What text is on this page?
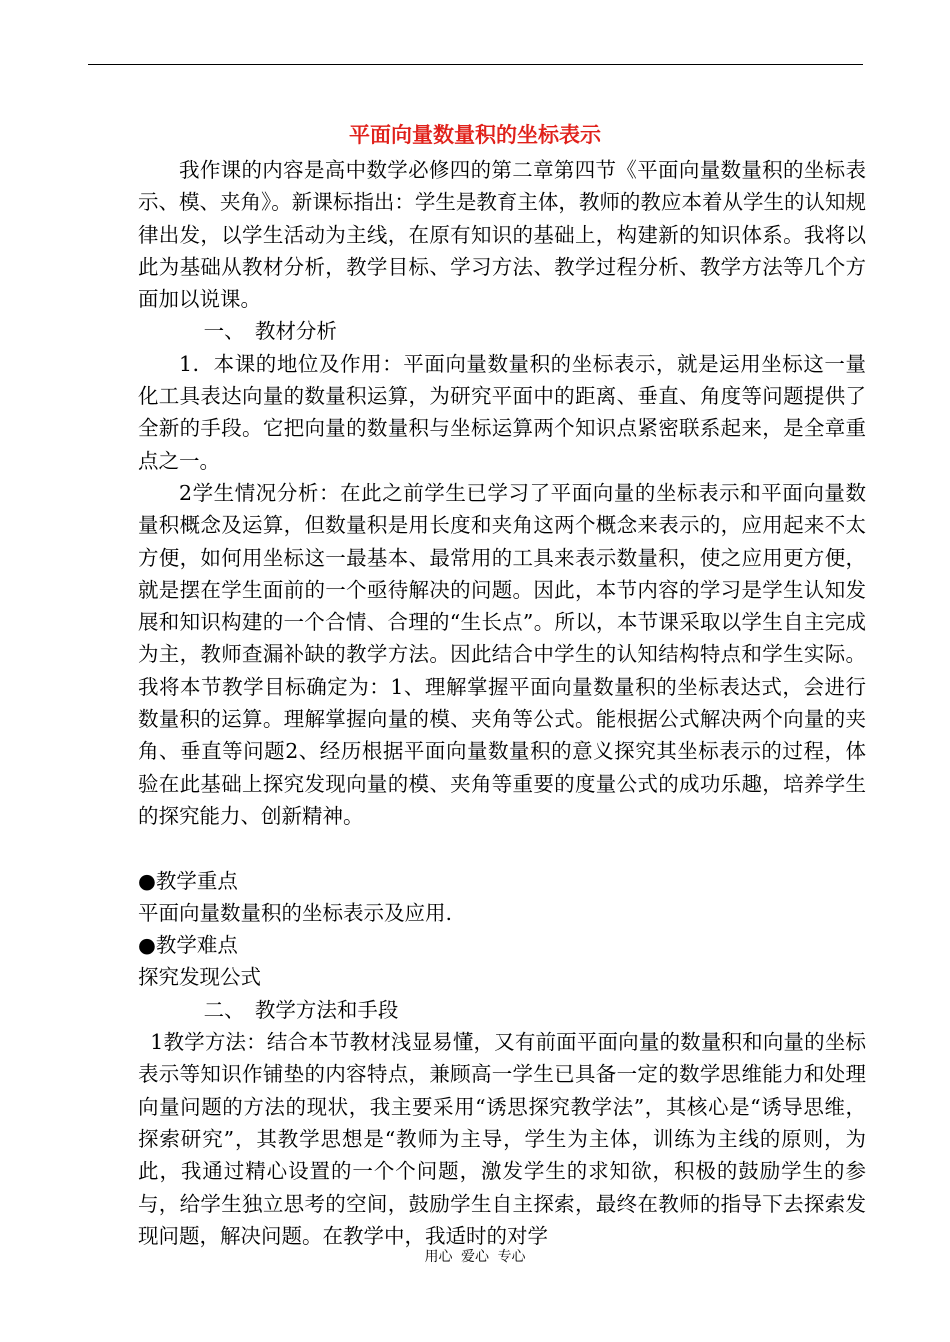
平面向量数量积的坐标表示

我作课的内容是高中数学必修四的第二章第四节《平面向量数量积的坐标表示、模、夹角》。新课标指出：学生是教育主体，教师的教应本着从学生的认知规律出发，以学生活动为主线，在原有知识的基础上，构建新的知识体系。我将以此为基础从教材分析，教学目标、学习方法、教学过程分析、教学方法等几个方面加以说课。

一、　教材分析

1．本课的地位及作用：平面向量数量积的坐标表示，就是运用坐标这一量化工具表达向量的数量积运算，为研究平面中的距离、垂直、角度等问题提供了全新的手段。它把向量的数量积与坐标运算两个知识点紧密联系起来，是全章重点之一。

2学生情况分析：在此之前学生已学习了平面向量的坐标表示和平面向量数量积概念及运算，但数量积是用长度和夹角这两个概念来表示的，应用起来不太方便，如何用坐标这一最基本、最常用的工具来表示数量积，使之应用更方便，就是摆在学生面前的一个亟待解决的问题。因此，本节内容的学习是学生认知发展和知识构建的一个合情、合理的“生长点”。所以，本节课采取以学生自主完成为主，教师查漏补缺的教学方法。因此结合中学生的认知结构特点和学生实际。我将本节教学目标确定为：1、理解掌握平面向量数量积的坐标表达式，会进行数量积的运算。理解掌握向量的模、夹角等公式。能根据公式解决两个向量的夹角、垂直等问题2、经历根据平面向量数量积的意义探究其坐标表示的过程，体验在此基础上探究发现向量的模、夹角等重要的度量公式的成功乐趣，培养学生的探究能力、创新精神。

●教学重点

平面向量数量积的坐标表示及应用.

●教学难点

探究发现公式

二、　教学方法和手段

1教学方法：结合本节教材浅显易懂，又有前面平面向量的数量积和向量的坐标表示等知识作铺垫的内容特点，兼顾高一学生已具备一定的数学思维能力和处理向量问题的方法的现状，我主要采用“诱思探究教学法”，其核心是“诱导思维，探索研究”，其教学思想是“教师为主导，学生为主体，训练为主线的原则，为此，我通过精心设置的一个个问题，激发学生的求知欲，积极的鼓励学生的参与，给学生独立思考的空间，鼓励学生自主探索，最终在教师的指导下去探索发现问题，解决问题。在教学中，我适时的对学

用心 爱心 专心
